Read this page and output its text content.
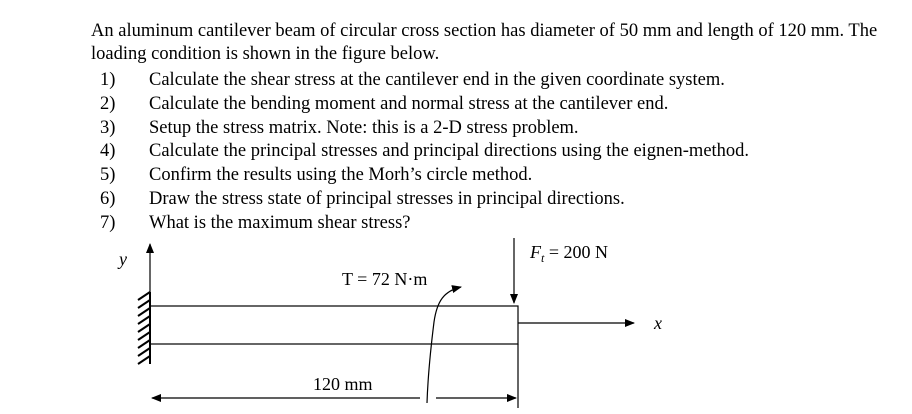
An aluminum cantilever beam of circular cross section has diameter of 50 mm and length of 120 mm. The loading condition is shown in the figure below.

1)	Calculate the shear stress at the cantilever end in the given coordinate system.
2)	Calculate the bending moment and normal stress at the cantilever end.
3)	Setup the stress matrix. Note: this is a 2-D stress problem.
4)	Calculate the principal stresses and principal directions using the eignen-method.
5)	Confirm the results using the Morh’s circle method.
6)	Draw the stress state of principal stresses in principal directions.
7)	What is the maximum shear stress?
y
x
$F_t = 200$ N
T = 72 N·m
120 mm
